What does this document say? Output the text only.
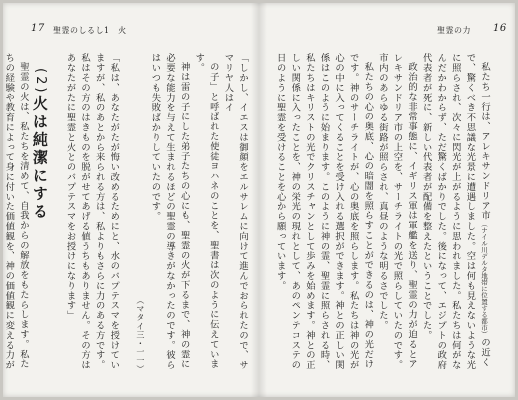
17 聖霊のしるし1　火

「しかし、イエスは御顔をエルサレムに向けて進んでおられたので、サマリヤ人はイ

の子」と呼ばれた使徒ヨハネのことを、聖書は次のように伝えています。

神は雷の子にした弟子たちの心にも、聖霊の火が下るまで、神の霊に必要な能力を与えて生まれるほどの聖霊の導きがなかったのです。彼らはいつも失敗ばかりしていたのです。

（マタイ三・一一）

「私は、あなたがたが悔い改めるためにと、水のバプテスマを授けていますが、私のあとから来られる方は、私よりもさらに力のある方です。私はその方のはきものを脱がせてあげる値うちもありません。その方はあなたがたに聖霊と火とのバプテスマをお授けになります」

(2)火は純潔にする

聖霊の火は、私たちを清めて、自我からの解放をもたらします。私たちの経験や教育によって身に付いた価値観を、神の価値観に変える力が

聖霊の力 16

私たち一行は、アレキサンドリア市（ナイル川デルタ地帯に位置する都市）の近くで、驚くべき不思議な光景に遭遇しました。空は何も見えないような光に照らされ、次々に閃光が上がるように思われました。私たちは何がなんだかわからず、ただ驚くばかりでした。後になって、エジプトの政府代表者が死に、新しい代表者が配備を整えたということでした。

政治的な非常事態に、イギリス軍は軍艦を送り、聖霊の力が迫るとアレキサンドリア市の上空を、サーチライトの光で照らしていたのです。市内のあらゆる街路が照らされ、真昼のような明るさでした。

私たちの心の奥底、心の暗闇を照らすことができるのは、神の光だけです。神のサーチライトが、心の奥底を照らします。私たちは神の光が心の中に入ってくることを受け入れる選択ができます。神との正しい関係はこのように始まります。このように神の霊、聖霊に照らされる時、私たちはキリストの光でクリスチャンとして歩みを始めます。神との正しい関係に入ったことを、神の栄光の現れとして、あのペンテコステの日のように聖霊を受けることを心から願っています。
